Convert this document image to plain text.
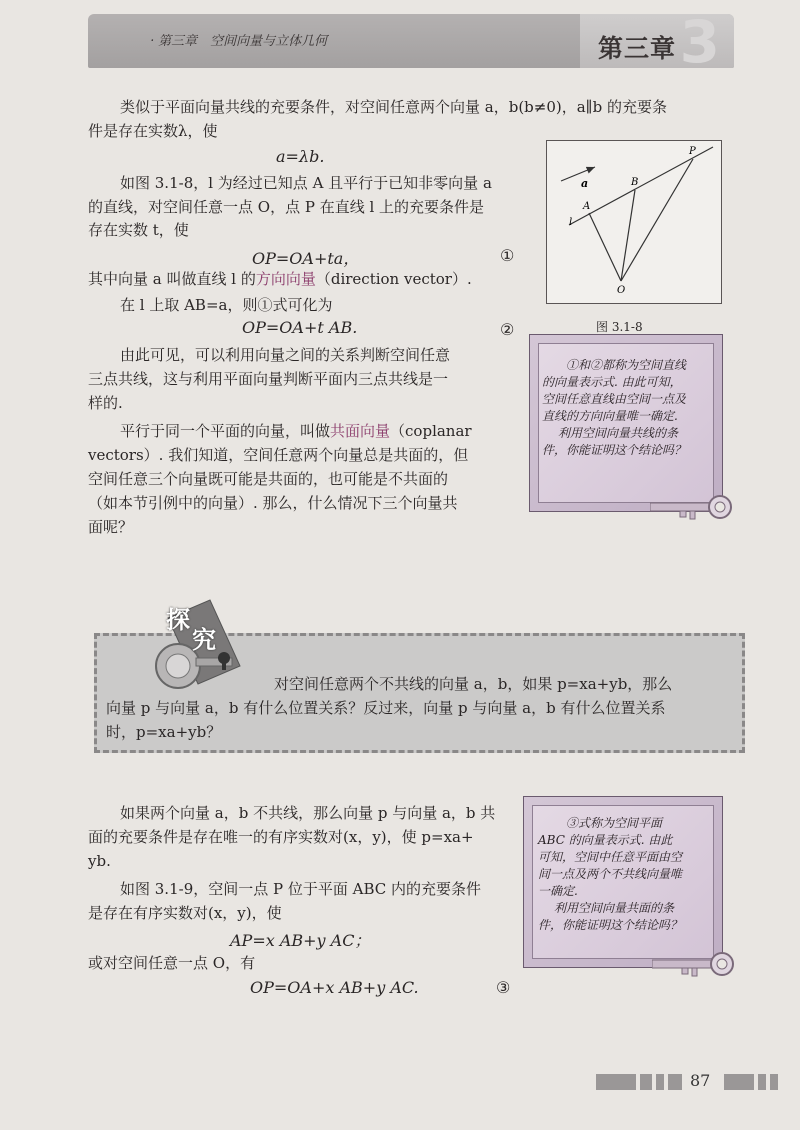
3
第三章
· 第三章　空间向量与立体几何
类似于平面向量共线的充要条件，对空间任意两个向量 a，b(b≠0)，a∥b 的充要条
件是存在实数λ，使
a=λb.
如图 3.1-8，l 为经过已知点 A 且平行于已知非零向量 a
的直线，对空间任意一点 O，点 P 在直线 l 上的充要条件是
存在实数 t，使
OP=OA+ta，	①
其中向量 a 叫做直线 l 的方向向量（direction vector）.
在 l 上取 AB=a，则①式可化为
OP=OA+t AB.	②
由此可见，可以利用向量之间的关系判断空间任意
三点共线，这与利用平面向量判断平面内三点共线是一
样的.
平行于同一个平面的向量，叫做共面向量（coplanar
vectors）. 我们知道，空间任意两个向量总是共面的，但
空间任意三个向量既可能是共面的，也可能是不共面的
（如本节引例中的向量）. 那么，什么情况下三个向量共
面呢？
a
A
B
P
l
O
图 3.1-8
①和②都称为空间直线
的向量表示式. 由此可知，
空间任意直线由空间一点及
直线的方向向量唯一确定.
利用空间向量共线的条
件，你能证明这个结论吗？
探
究
对空间任意两个不共线的向量 a，b，如果 p=xa+yb，那么
向量 p 与向量 a，b 有什么位置关系？反过来，向量 p 与向量 a，b 有什么位置关系
时，p=xa+yb？
如果两个向量 a，b 不共线，那么向量 p 与向量 a，b 共
面的充要条件是存在唯一的有序实数对(x，y)，使 p=xa+
yb.
如图 3.1-9，空间一点 P 位于平面 ABC 内的充要条件
是存在有序实数对(x，y)，使
AP=x AB+y AC；
或对空间任意一点 O，有
OP=OA+x AB+y AC.	③
③式称为空间平面
ABC 的向量表示式. 由此
可知，空间中任意平面由空
间一点及两个不共线向量唯
一确定.
利用空间向量共面的条
件，你能证明这个结论吗？
87
